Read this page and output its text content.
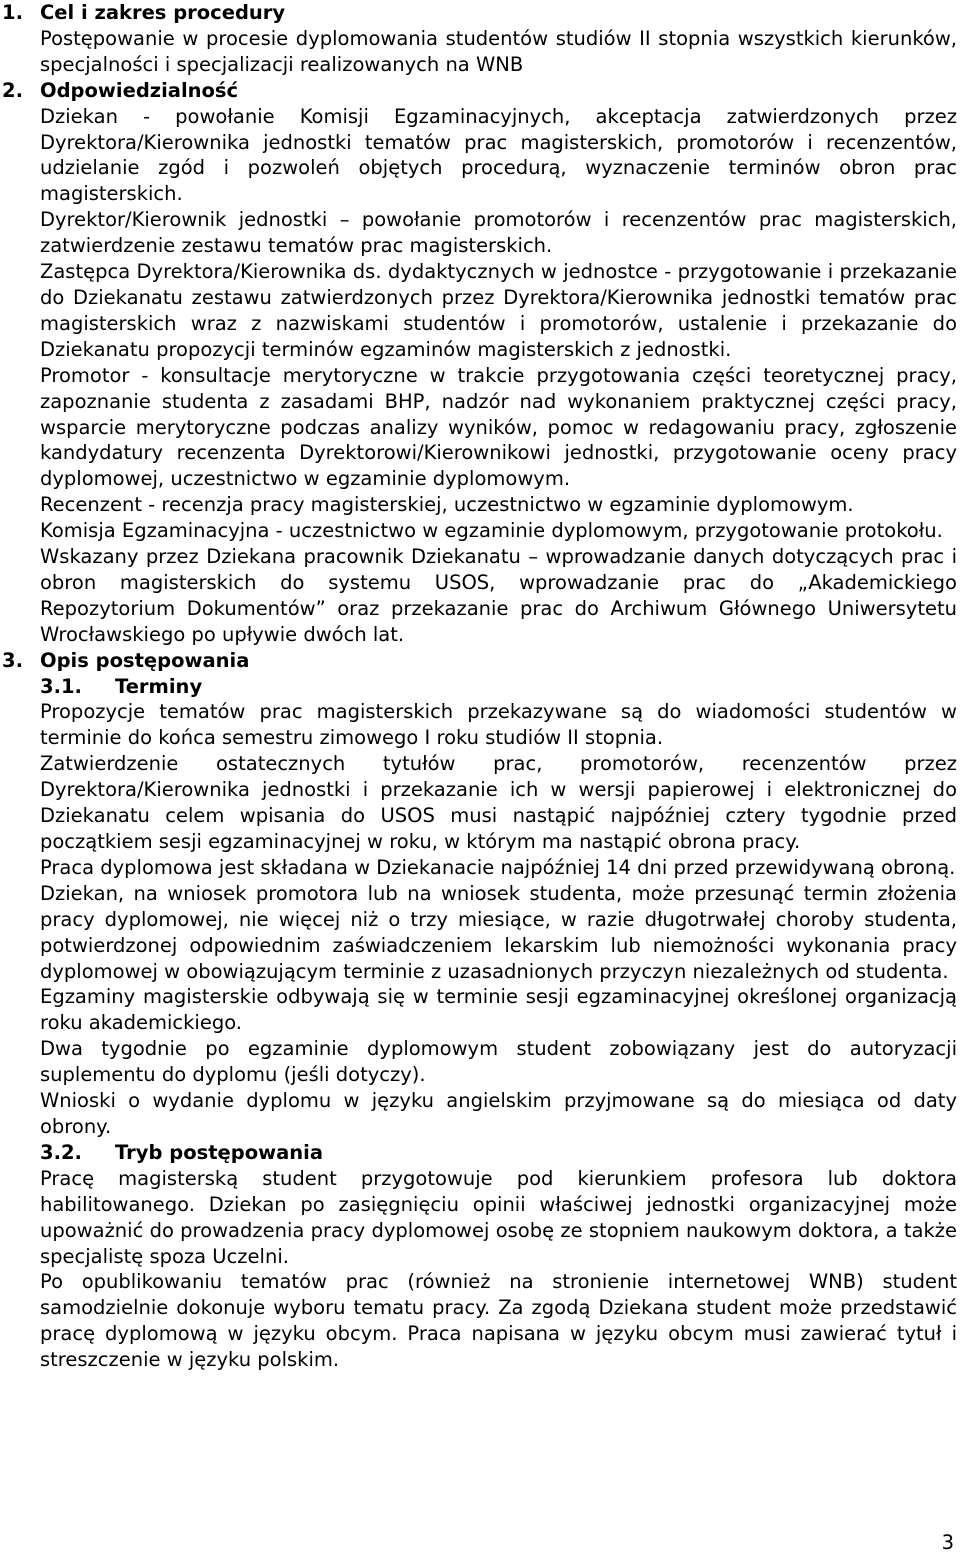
1. Cel i zakres procedury

Postępowanie w procesie dyplomowania studentów studiów II stopnia wszystkich kierunków, specjalności i specjalizacji realizowanych na WNB

2. Odpowiedzialność

Dziekan - powołanie Komisji Egzaminacyjnych, akceptacja zatwierdzonych przez Dyrektora/Kierownika jednostki tematów prac magisterskich, promotorów i recenzentów, udzielanie zgód i pozwoleń objętych procedurą, wyznaczenie terminów obron prac magisterskich.

Dyrektor/Kierownik jednostki – powołanie promotorów i recenzentów prac magisterskich, zatwierdzenie zestawu tematów prac magisterskich.

Zastępca Dyrektora/Kierownika ds. dydaktycznych w jednostce - przygotowanie i przekazanie do Dziekanatu zestawu zatwierdzonych przez Dyrektora/Kierownika jednostki tematów prac magisterskich wraz z nazwiskami studentów i promotorów, ustalenie i przekazanie do Dziekanatu propozycji terminów egzaminów magisterskich z jednostki.

Promotor - konsultacje merytoryczne w trakcie przygotowania części teoretycznej pracy, zapoznanie studenta z zasadami BHP, nadzór nad wykonaniem praktycznej części pracy, wsparcie merytoryczne podczas analizy wyników, pomoc w redagowaniu pracy, zgłoszenie kandydatury recenzenta Dyrektorowi/Kierownikowi jednostki, przygotowanie oceny pracy dyplomowej, uczestnictwo w egzaminie dyplomowym.

Recenzent - recenzja pracy magisterskiej, uczestnictwo w egzaminie dyplomowym.

Komisja Egzaminacyjna - uczestnictwo w egzaminie dyplomowym, przygotowanie protokołu.

Wskazany przez Dziekana pracownik Dziekanatu – wprowadzanie danych dotyczących prac i obron magisterskich do systemu USOS, wprowadzanie prac do „Akademickiego Repozytorium Dokumentów” oraz przekazanie prac do Archiwum Głównego Uniwersytetu Wrocławskiego po upływie dwóch lat.

3. Opis postępowania
3.1.	Terminy

Propozycje tematów prac magisterskich przekazywane są do wiadomości studentów w terminie do końca semestru zimowego I roku studiów II stopnia.

Zatwierdzenie ostatecznych tytułów prac, promotorów, recenzentów przez Dyrektora/Kierownika jednostki i przekazanie ich w wersji papierowej i elektronicznej do Dziekanatu celem wpisania do USOS musi nastąpić najpóźniej cztery tygodnie przed początkiem sesji egzaminacyjnej w roku, w którym ma nastąpić obrona pracy.

Praca dyplomowa jest składana w Dziekanacie najpóźniej 14 dni przed przewidywaną obroną.

Dziekan, na wniosek promotora lub na wniosek studenta, może przesunąć termin złożenia pracy dyplomowej, nie więcej niż o trzy miesiące, w razie długotrwałej choroby studenta, potwierdzonej odpowiednim zaświadczeniem lekarskim lub niemożności wykonania pracy dyplomowej w obowiązującym terminie z uzasadnionych przyczyn niezależnych od studenta.

Egzaminy magisterskie odbywają się w terminie sesji egzaminacyjnej określonej organizacją roku akademickiego.

Dwa tygodnie po egzaminie dyplomowym student zobowiązany jest do autoryzacji suplementu do dyplomu (jeśli dotyczy).

Wnioski o wydanie dyplomu w języku angielskim przyjmowane są do miesiąca od daty obrony.

3.2.	Tryb postępowania

Pracę magisterską student przygotowuje pod kierunkiem profesora lub doktora habilitowanego. Dziekan po zasięgnięciu opinii właściwej jednostki organizacyjnej może upoważnić do prowadzenia pracy dyplomowej osobę ze stopniem naukowym doktora, a także specjalistę spoza Uczelni.

Po opublikowaniu tematów prac (również na stronienie internetowej WNB) student samodzielnie dokonuje wyboru tematu pracy. Za zgodą Dziekana student może przedstawić pracę dyplomową w języku obcym. Praca napisana w języku obcym musi zawierać tytuł i streszczenie w języku polskim.

3
